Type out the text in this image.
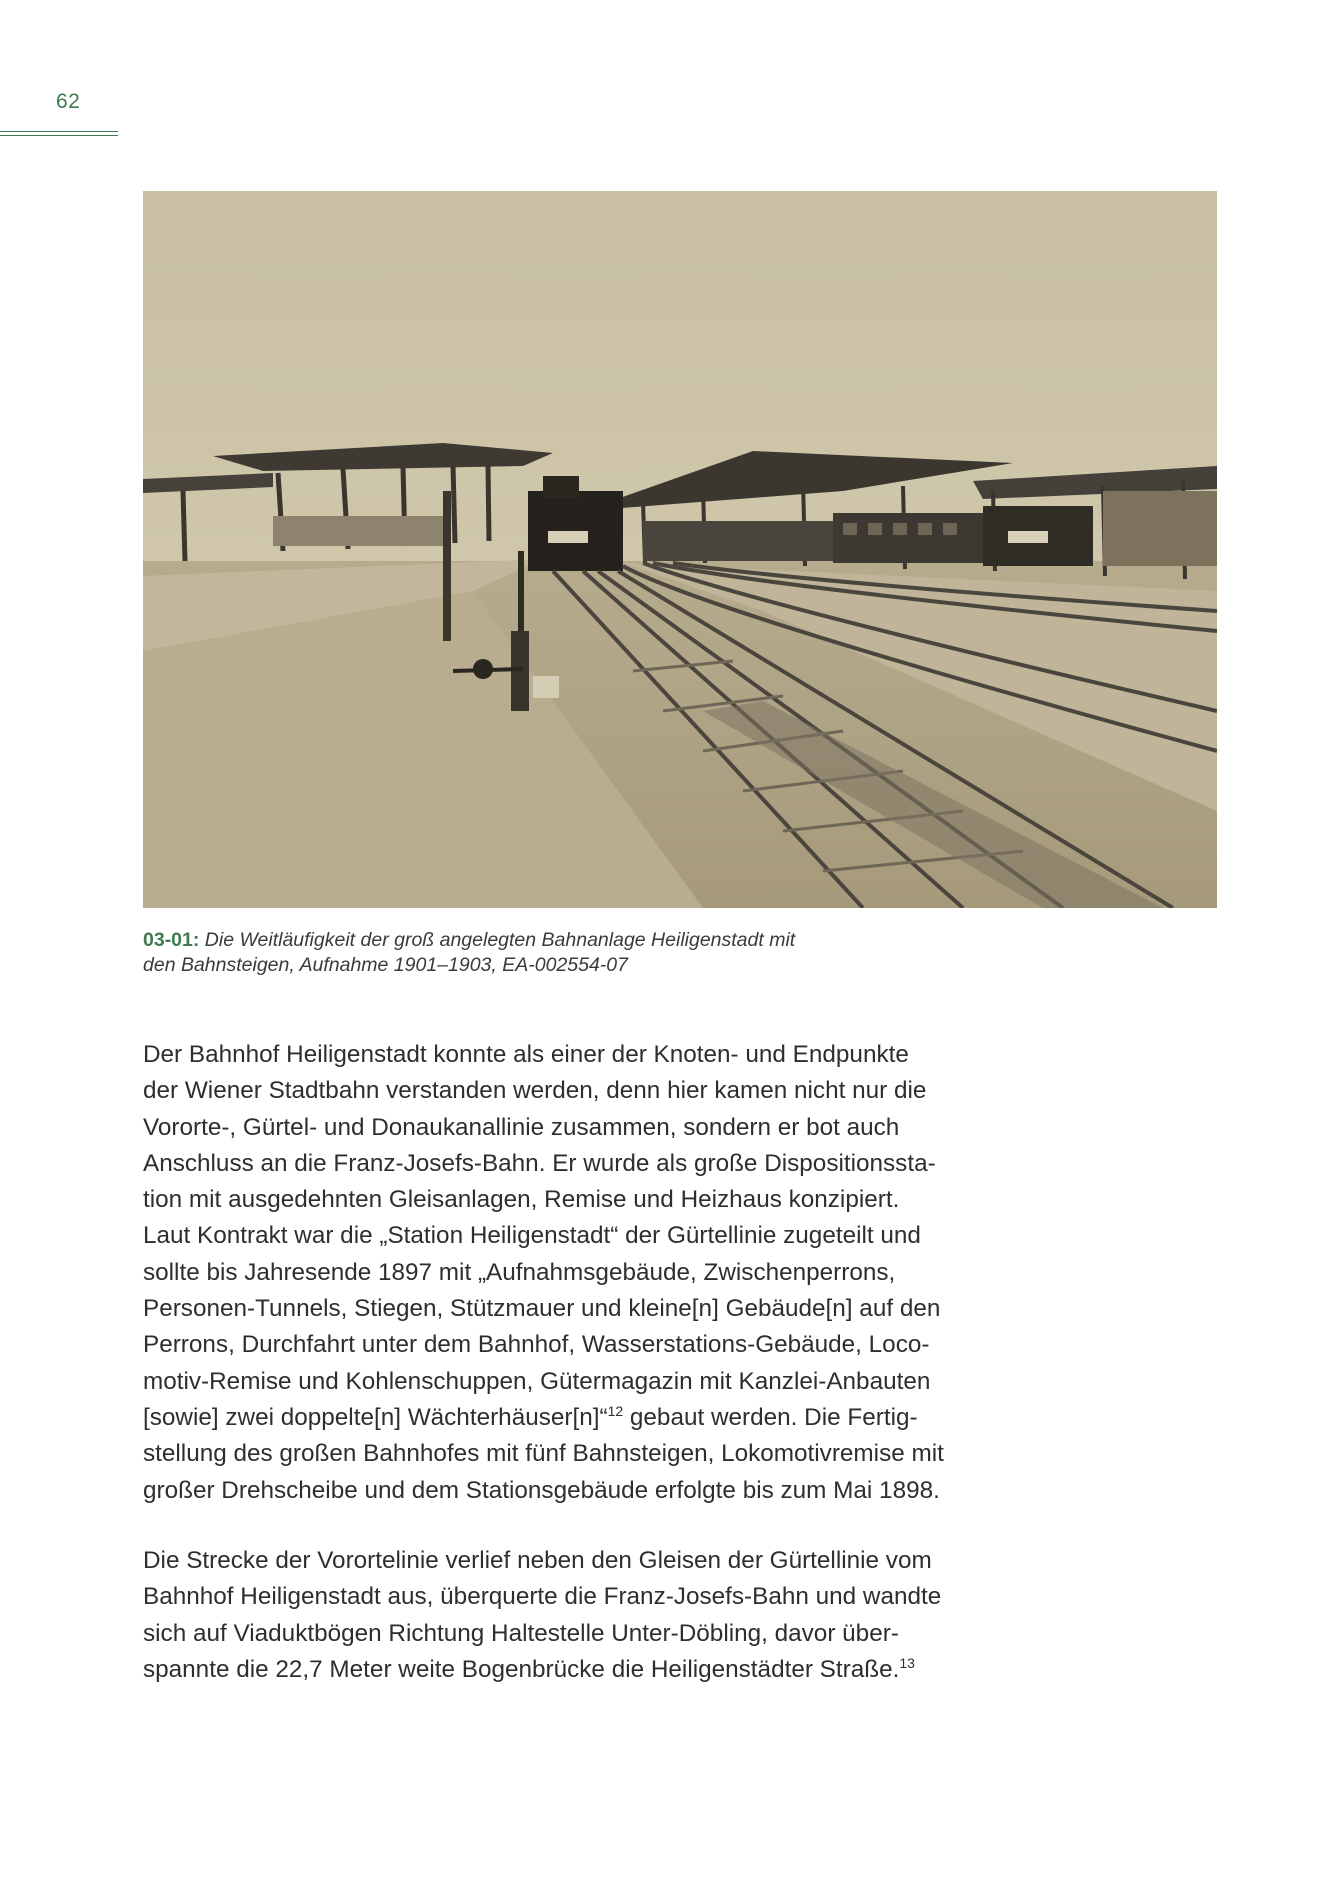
62
03-01: Die Weitläufigkeit der groß angelegten Bahnanlage Heiligenstadt mit
den Bahnsteigen, Aufnahme 1901–1903, EA-002554-07
Der Bahnhof Heiligenstadt konnte als einer der Knoten- und Endpunkte
der Wiener Stadtbahn verstanden werden, denn hier kamen nicht nur die
Vororte-, Gürtel- und Donaukanallinie zusammen, sondern er bot auch
Anschluss an die Franz-Josefs-Bahn. Er wurde als große Dispositionssta-
tion mit ausgedehnten Gleisanlagen, Remise und Heizhaus konzipiert.
Laut Kontrakt war die „Station Heiligenstadt“ der Gürtellinie zugeteilt und
sollte bis Jahresende 1897 mit „Aufnahmsgebäude, Zwischenperrons,
Personen-Tunnels, Stiegen, Stützmauer und kleine[n] Gebäude[n] auf den
Perrons, Durchfahrt unter dem Bahnhof, Wasserstations-Gebäude, Loco-
motiv-Remise und Kohlenschuppen, Gütermagazin mit Kanzlei-Anbauten
[sowie] zwei doppelte[n] Wächterhäuser[n]“$^{12}$ gebaut werden. Die Fertig-
stellung des großen Bahnhofes mit fünf Bahnsteigen, Lokomotivremise mit
großer Drehscheibe und dem Stationsgebäude erfolgte bis zum Mai 1898.
Die Strecke der Vorortelinie verlief neben den Gleisen der Gürtellinie vom
Bahnhof Heiligenstadt aus, überquerte die Franz-Josefs-Bahn und wandte
sich auf Viaduktbögen Richtung Haltestelle Unter-Döbling, davor über-
spannte die 22,7 Meter weite Bogenbrücke die Heiligenstädter Straße.$^{13}$
